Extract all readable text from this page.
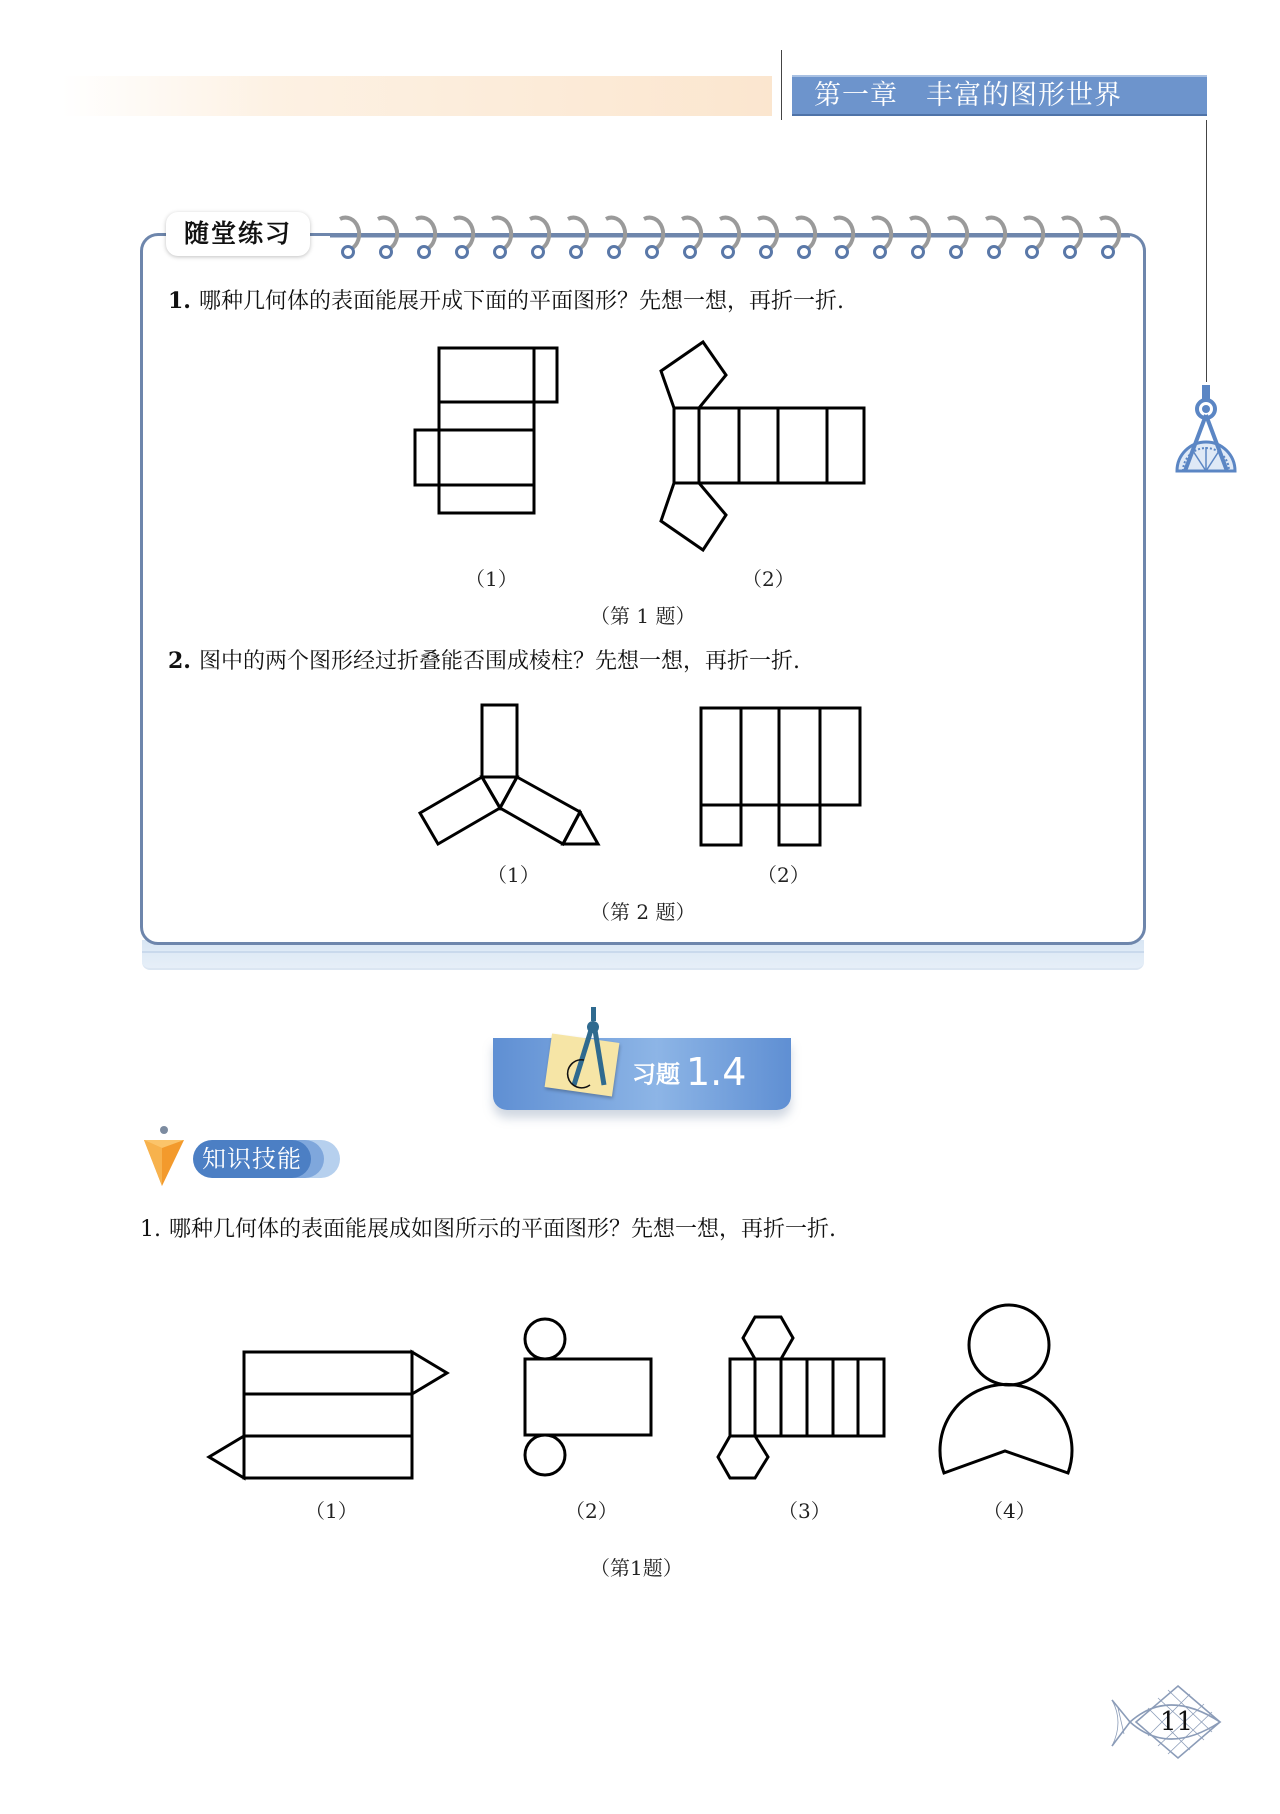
第一章 丰富的图形世界
随堂练习
1. 哪种几何体的表面能展开成下面的平面图形？先想一想，再折一折.
（1）	（2）
（第 1 题）
2. 图中的两个图形经过折叠能否围成棱柱？先想一想，再折一折.
（1）	（2）
（第 2 题）
习题 1.4
知识技能
1. 哪种几何体的表面能展成如图所示的平面图形？先想一想，再折一折.
（1）	（2）	（3）	（4）
（第1题）
11
